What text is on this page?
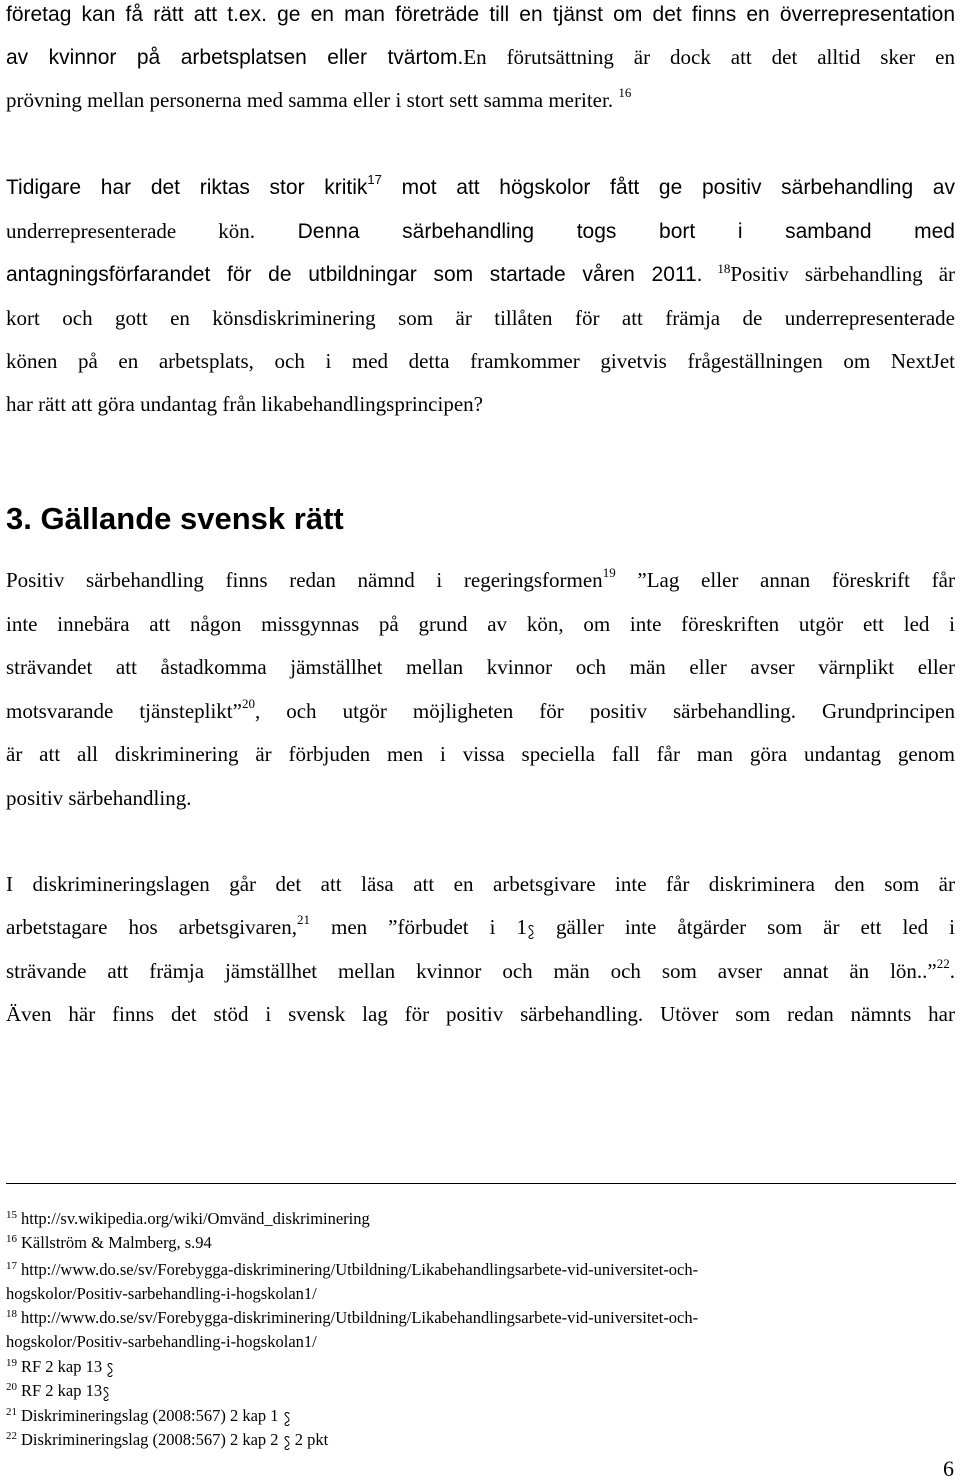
företag kan få rätt att t.ex. ge en man företräde till en tjänst om det finns en överrepresentation
av kvinnor på arbetsplatsen eller tvärtom.En förutsättning är dock att det alltid sker en
prövning mellan personerna med samma eller i stort sett samma meriter. $^{16}$
Tidigare har det riktas stor kritik$^{17}$ mot att högskolor fått ge positiv särbehandling av
underrepresenterade kön. Denna särbehandling togs bort i samband med
antagningsförfarandet för de utbildningar som startade våren 2011. $^{18}$Positiv särbehandling är
kort och gott en könsdiskriminering som är tillåten för att främja de underrepresenterade
könen på en arbetsplats, och i med detta framkommer givetvis frågeställningen om NextJet
har rätt att göra undantag från likabehandlingsprincipen?
3. Gällande svensk rätt
Positiv särbehandling finns redan nämnd i regeringsformen$^{19}$ ”Lag eller annan föreskrift får
inte innebära att någon missgynnas på grund av kön, om inte föreskriften utgör ett led i
strävandet att åstadkomma jämställhet mellan kvinnor och män eller avser värnplikt eller
motsvarande tjänsteplikt”$^{20}$, och utgör möjligheten för positiv särbehandling. Grundprincipen
är att all diskriminering är förbjuden men i vissa speciella fall får man göra undantag genom
positiv särbehandling.
I diskrimineringslagen går det att läsa att en arbetsgivare inte får diskriminera den som är
arbetstagare hos arbetsgivaren,$^{21}$ men ”förbudet i 1
gäller inte åtgärder som är ett led i
strävande att främja jämställhet mellan kvinnor och män och som avser annat än lön..”$^{22}$.
Även här finns det stöd i svensk lag för positiv särbehandling. Utöver som redan nämnts har
$^{15}$ http://sv.wikipedia.org/wiki/Omvänd_diskriminering
$^{16}$ Källström & Malmberg, s.94
$^{17}$ http://www.do.se/sv/Forebygga-diskriminering/Utbildning/Likabehandlingsarbete-vid-universitet-och-
hogskolor/Positiv-sarbehandling-i-hogskolan1/
$^{18}$ http://www.do.se/sv/Forebygga-diskriminering/Utbildning/Likabehandlingsarbete-vid-universitet-och-
hogskolor/Positiv-sarbehandling-i-hogskolan1/
$^{19}$ RF 2 kap 13
$^{20}$ RF 2 kap 13
$^{21}$ Diskrimineringslag (2008:567) 2 kap 1
$^{22}$ Diskrimineringslag (2008:567) 2 kap 2
2 pkt
6
